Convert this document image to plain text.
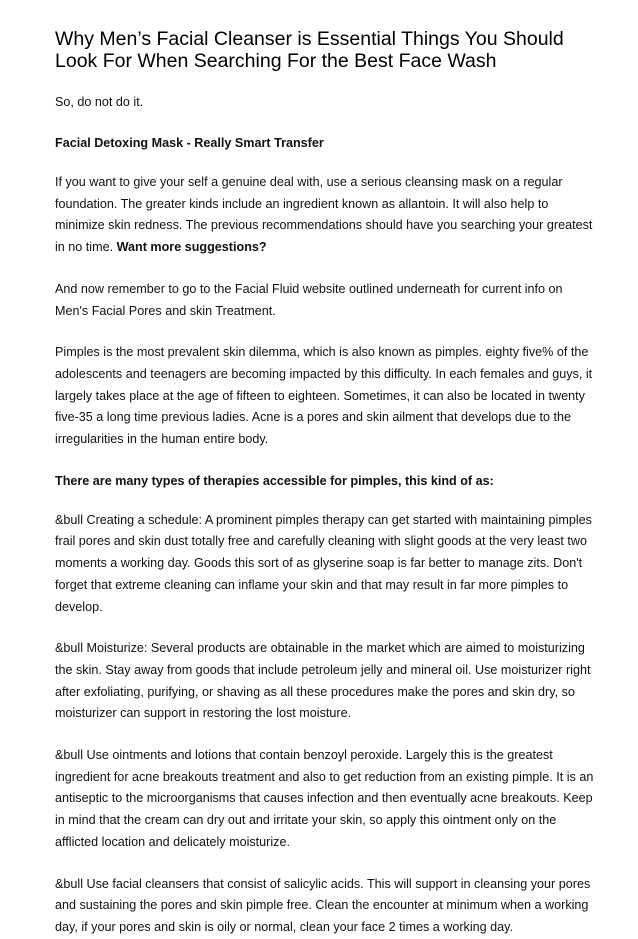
Why Men’s Facial Cleanser is Essential Things You Should Look For When Searching For the Best Face Wash

So, do not do it.

Facial Detoxing Mask - Really Smart Transfer

If you want to give your self a genuine deal with, use a serious cleansing mask on a regular foundation. The greater kinds include an ingredient known as allantoin. It will also help to minimize skin redness. The previous recommendations should have you searching your greatest in no time. Want more suggestions?

And now remember to go to the Facial Fluid website outlined underneath for current info on Men's Facial Pores and skin Treatment.

Pimples is the most prevalent skin dilemma, which is also known as pimples. eighty five% of the adolescents and teenagers are becoming impacted by this difficulty. In each females and guys, it largely takes place at the age of fifteen to eighteen. Sometimes, it can also be located in twenty five-35 a long time previous ladies. Acne is a pores and skin ailment that develops due to the irregularities in the human entire body.

There are many types of therapies accessible for pimples, this kind of as:

&bull Creating a schedule: A prominent pimples therapy can get started with maintaining pimples frail pores and skin dust totally free and carefully cleaning with slight goods at the very least two moments a working day. Goods this sort of as glyserine soap is far better to manage zits. Don't forget that extreme cleaning can inflame your skin and that may result in far more pimples to develop.

&bull Moisturize: Several products are obtainable in the market which are aimed to moisturizing the skin. Stay away from goods that include petroleum jelly and mineral oil. Use moisturizer right after exfoliating, purifying, or shaving as all these procedures make the pores and skin dry, so moisturizer can support in restoring the lost moisture.

&bull Use ointments and lotions that contain benzoyl peroxide. Largely this is the greatest ingredient for acne breakouts treatment and also to get reduction from an existing pimple. It is an antiseptic to the microorganisms that causes infection and then eventually acne breakouts. Keep in mind that the cream can dry out and irritate your skin, so apply this ointment only on the afflicted location and delicately moisturize.

&bull Use facial cleansers that consist of salicylic acids. This will support in cleansing your pores and sustaining the pores and skin pimple free. Clean the encounter at minimum when a working day, if your pores and skin is oily or normal, clean your face 2 times a working day.
